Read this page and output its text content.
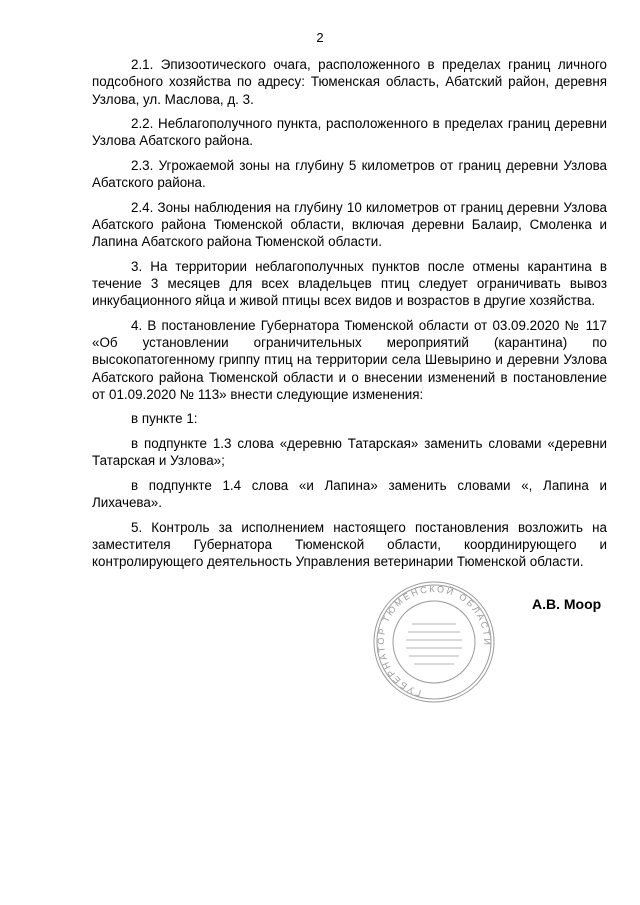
2

2.1. Эпизоотического очага, расположенного в пределах границ личного подсобного хозяйства по адресу: Тюменская область, Абатский район, деревня Узлова, ул. Маслова, д. 3.

2.2. Неблагополучного пункта, расположенного в пределах границ деревни Узлова Абатского района.

2.3. Угрожаемой зоны на глубину 5 километров от границ деревни Узлова Абатского района.

2.4. Зоны наблюдения на глубину 10 километров от границ деревни Узлова Абатского района Тюменской области, включая деревни Балаир, Смоленка и Лапина Абатского района Тюменской области.

3. На территории неблагополучных пунктов после отмены карантина в течение 3 месяцев для всех владельцев птиц следует ограничивать вывоз инкубационного яйца и живой птицы всех видов и возрастов в другие хозяйства.

4. В постановление Губернатора Тюменской области от 03.09.2020 № 117 «Об установлении ограничительных мероприятий (карантина) по высокопатогенному гриппу птиц на территории села Шевырино и деревни Узлова Абатского района Тюменской области и о внесении изменений в постановление от 01.09.2020 № 113» внести следующие изменения:

в пункте 1:

в подпункте 1.3 слова «деревню Татарская» заменить словами «деревни Татарская и Узлова»;

в подпункте 1.4 слова «и Лапина» заменить словами «, Лапина и Лихачева».

5. Контроль за исполнением настоящего постановления возложить на заместителя Губернатора Тюменской области, координирующего и контролирующего деятельность Управления ветеринарии Тюменской области.

ГУБЕРНАТОР ТЮМЕНСКОЙ ОБЛАСТИ
А.В. Моор
